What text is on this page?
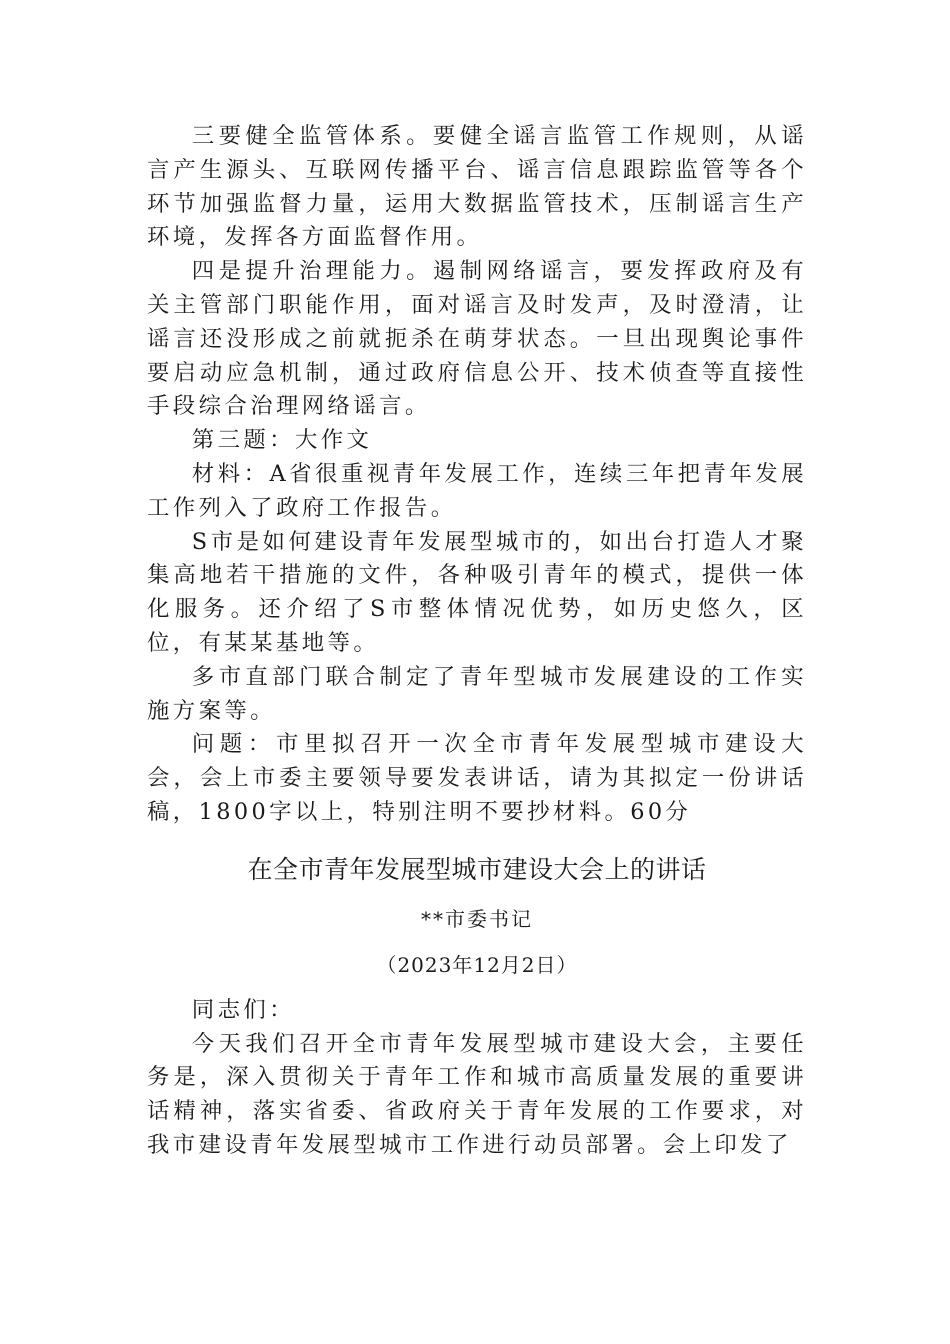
三要健全监管体系。要健全谣言监管工作规则，从谣言产生源头、互联网传播平台、谣言信息跟踪监管等各个环节加强监督力量，运用大数据监管技术，压制谣言生产环境，发挥各方面监督作用。

四是提升治理能力。遏制网络谣言，要发挥政府及有关主管部门职能作用，面对谣言及时发声，及时澄清，让谣言还没形成之前就扼杀在萌芽状态。一旦出现舆论事件要启动应急机制，通过政府信息公开、技术侦查等直接性手段综合治理网络谣言。

第三题：大作文

材料：A省很重视青年发展工作，连续三年把青年发展工作列入了政府工作报告。

S市是如何建设青年发展型城市的，如出台打造人才聚集高地若干措施的文件，各种吸引青年的模式，提供一体化服务。还介绍了S市整体情况优势，如历史悠久，区位，有某某基地等。

多市直部门联合制定了青年型城市发展建设的工作实施方案等。

问题：市里拟召开一次全市青年发展型城市建设大会，会上市委主要领导要发表讲话，请为其拟定一份讲话稿，1800字以上，特别注明不要抄材料。60分

在全市青年发展型城市建设大会上的讲话

**市委书记

（2023年12月2日）

同志们：

今天我们召开全市青年发展型城市建设大会，主要任务是，深入贯彻关于青年工作和城市高质量发展的重要讲话精神，落实省委、省政府关于青年发展的工作要求，对我市建设青年发展型城市工作进行动员部署。会上印发了
